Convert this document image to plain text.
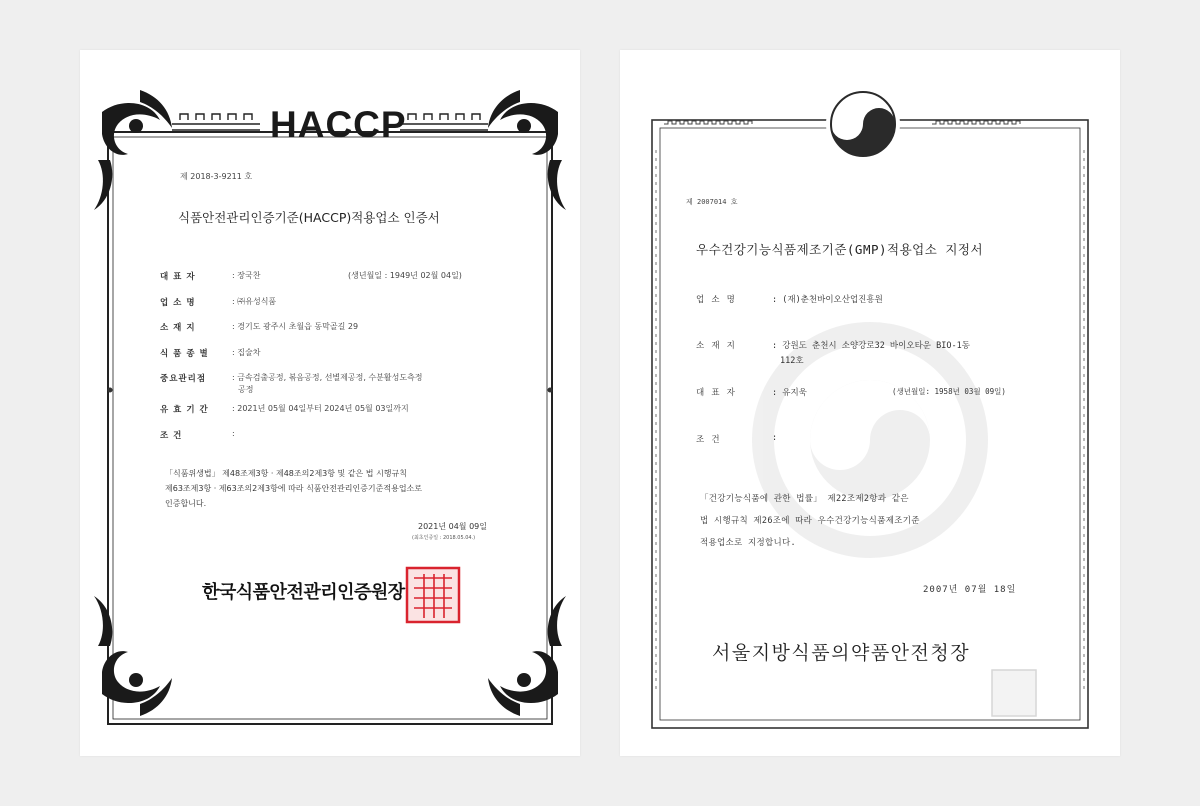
HACCP
제 2018-3-9211 호
식품안전관리인증기준(HACCP)적용업소 인증서
대 표 자	: 장국찬	(생년월일 : 1949년 02월 04일)
업 소 명	: ㈜유성식품
소 재 지	: 경기도 광주시 초월읍 동막골길 29
식 품 종 별	: 집술차
중요관리점	: 금속검출공정, 볶음공정, 선별제공정, 수분활성도측정
공정
유 효 기 간	: 2021년 05월 04일부터 2024년 05월 03일까지
조 건	:
「식품위생법」 제48조제3항 · 제48조의2제3항 및 같은 법 시행규칙
제63조제3항 · 제63조의2제3항에 따라 식품안전관리인증기준적용업소로
인증합니다.
2021년 04월 09일
(최초인증일 : 2018.05.04.)
한국식품안전관리인증원장
제 2007014 호
우수건강기능식품제조기준(GMP)적용업소 지정서
업 소 명	: (재)춘천바이오산업진흥원
소 재 지	: 강원도 춘천시 소양강로32 바이오타운 BIO-1동
112호
대 표 자	: 유지욱	(생년월일: 1958년 03월 09일)
조 건	:
「건강기능식품에 관한 법률」 제22조제2항과 같은
법 시행규칙 제26조에 따라 우수건강기능식품제조기준
적용업소로 지정합니다.
2007년 07월 18일
서울지방식품의약품안전청장
